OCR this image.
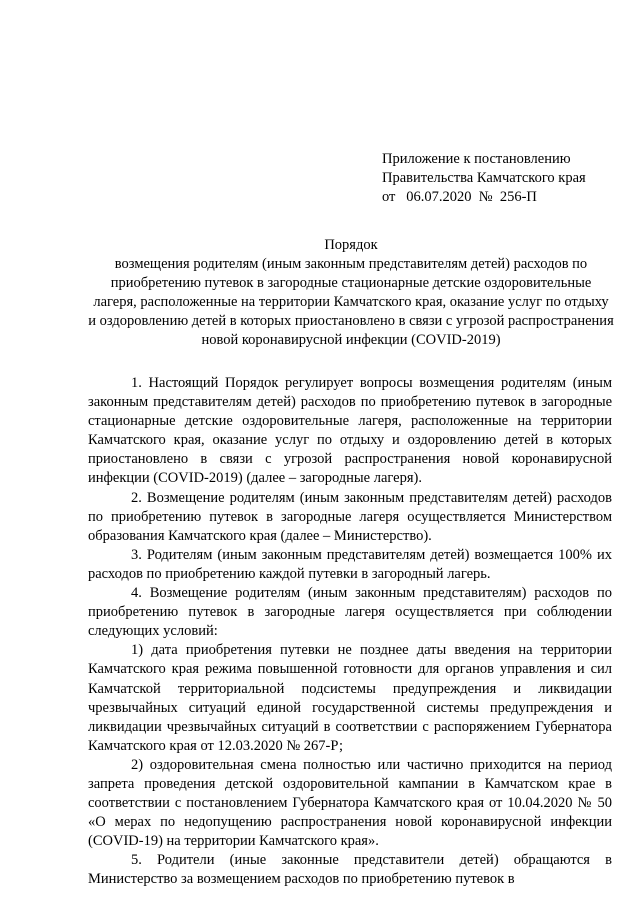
Приложение к постановлению
Правительства Камчатского края
от   06.07.2020  №  256-П
Порядок
возмещения родителям (иным законным представителям детей) расходов по приобретению путевок в загородные стационарные детские оздоровительные лагеря, расположенные на территории Камчатского края, оказание услуг по отдыху и оздоровлению детей в которых приостановлено в связи с угрозой распространения новой коронавирусной инфекции (COVID-2019)

1. Настоящий Порядок регулирует вопросы возмещения родителям (иным законным представителям детей) расходов по приобретению путевок в загородные стационарные детские оздоровительные лагеря, расположенные на территории Камчатского края, оказание услуг по отдыху и оздоровлению детей в которых приостановлено в связи с угрозой распространения новой коронавирусной инфекции (COVID-2019) (далее – загородные лагеря).

2. Возмещение родителям (иным законным представителям детей) расходов по приобретению путевок в загородные лагеря осуществляется Министерством образования Камчатского края (далее – Министерство).

3. Родителям (иным законным представителям детей) возмещается 100% их расходов по приобретению каждой путевки в загородный лагерь.

4. Возмещение родителям (иным законным представителям) расходов по приобретению путевок в загородные лагеря осуществляется при соблюдении следующих условий:

1) дата приобретения путевки не позднее даты введения на территории Камчатского края режима повышенной готовности для органов управления и сил Камчатской территориальной подсистемы предупреждения и ликвидации чрезвычайных ситуаций единой государственной системы предупреждения и ликвидации чрезвычайных ситуаций в соответствии с распоряжением Губернатора Камчатского края от 12.03.2020 № 267-Р;

2) оздоровительная смена полностью или частично приходится на период запрета проведения детской оздоровительной кампании в Камчатском крае в соответствии с постановлением Губернатора Камчатского края от 10.04.2020 № 50 «О мерах по недопущению распространения новой коронавирусной инфекции (COVID-19) на территории Камчатского края».

5. Родители (иные законные представители детей) обращаются в Министерство за возмещением расходов по приобретению путевок в
